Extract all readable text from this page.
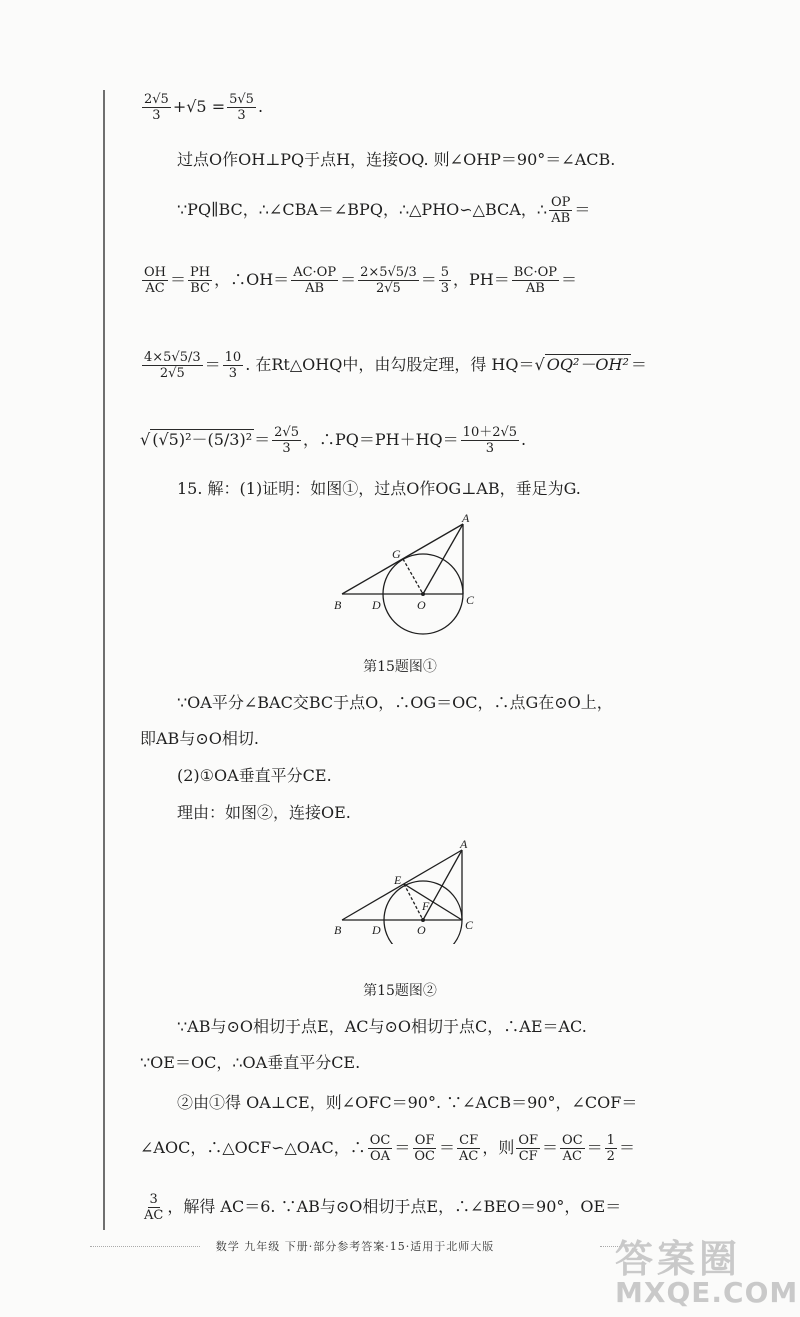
$\frac{2√5}{3} +√5 = \frac{5√5}{3}$ .
过点O作OH⊥PQ于点H，连接OQ. 则∠OHP＝90°＝∠ACB.
∵PQ∥BC，∴∠CBA＝∠BPQ，∴△PHO∽△BCA，∴ $\frac{OP}{AB}$ ＝
$\frac{OH}{AC} = \frac{PH}{BC}$ ，∴OH＝ $\frac{AC\cdot OP}{AB} = \frac{2\times 5√5/3}{2√5} = \frac{5}{3}$ ，$PH= \frac{BC\cdot OP}{AB}$ ＝
$\frac{4\times 5√5/3}{2√5} = \frac{10}{3}$ . 在Rt△OHQ中，由勾股定理，得 HQ＝√ OQ²－OH² ＝
√ $(√5)^2-(5/3)^2 = \frac{2√5}{3}$ ，∴PQ＝PH＋HQ＝ $\frac{10+2√5}{3}$ .
15. 解：(1)证明：如图①，过点O作OG⊥AB，垂足为G.
A
G
B	D	O	C
第15题图①
∵OA平分∠BAC交BC于点O，∴OG＝OC，∴点G在⊙O上，
即AB与⊙O相切.
(2)①OA垂直平分CE.
理由：如图②，连接OE.
A
E
F
B	D	O	C
第15题图②
∵AB与⊙O相切于点E，AC与⊙O相切于点C，∴AE＝AC.
∵OE＝OC，∴OA垂直平分CE.
②由①得 OA⊥CE，则∠OFC＝90°. ∵∠ACB＝90°，∠COF＝
∠AOC，∴△OCF∽△OAC，∴ $\frac{OC}{OA} = \frac{OF}{OC} = \frac{CF}{AC}$ ，则 $\frac{OF}{CF} = \frac{OC}{AC} = \frac{1}{2}$ ＝
$\frac{3}{AC}$ ，解得 AC＝6. ∵AB与⊙O相切于点E，∴∠BEO＝90°，OE＝
数学 九年级 下册·部分参考答案·15·适用于北师大版	答案圈
MXQE.COM
